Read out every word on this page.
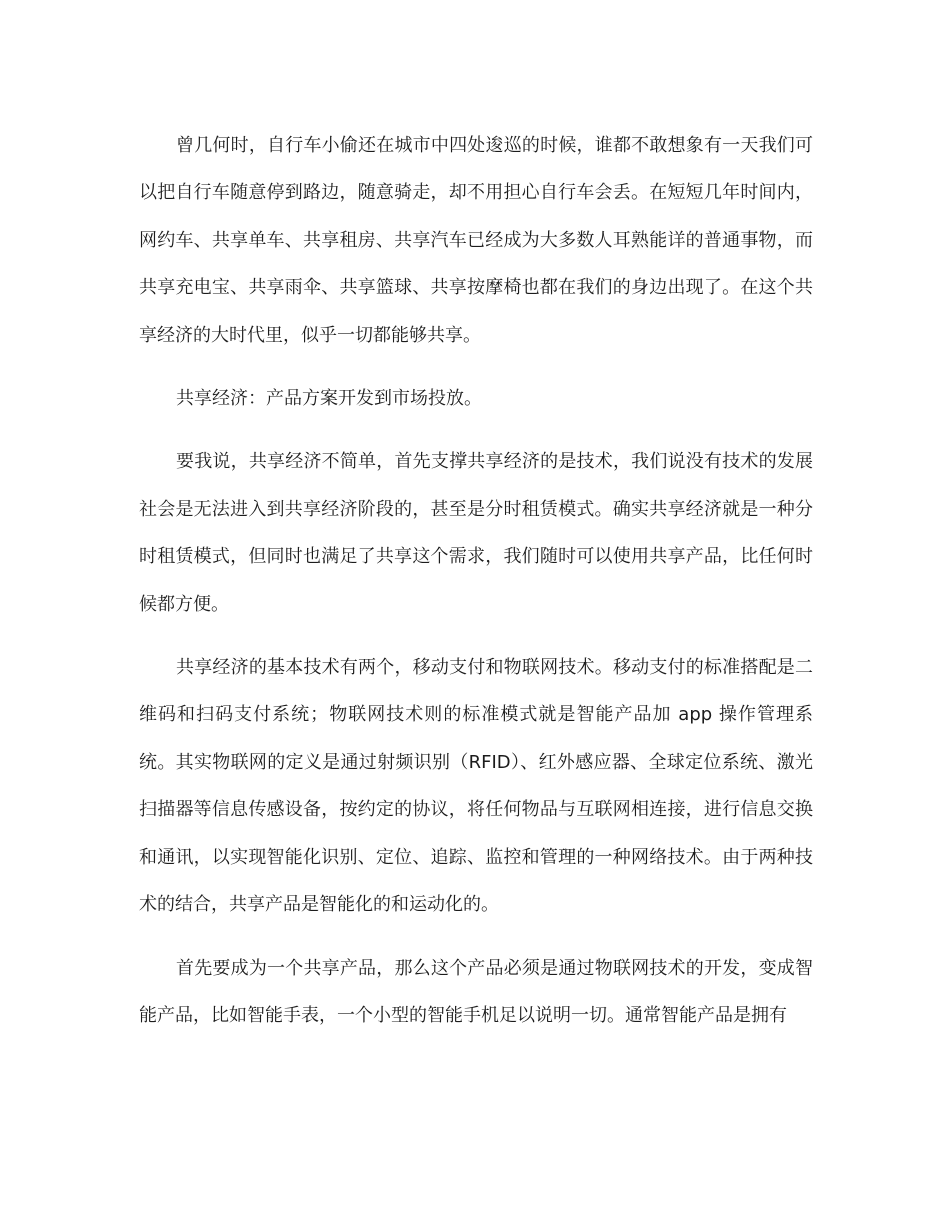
曾几何时，自行车小偷还在城市中四处逡巡的时候，谁都不敢想象有一天我们可以把自行车随意停到路边，随意骑走，却不用担心自行车会丢。在短短几年时间内，网约车、共享单车、共享租房、共享汽车已经成为大多数人耳熟能详的普通事物，而共享充电宝、共享雨伞、共享篮球、共享按摩椅也都在我们的身边出现了。在这个共享经济的大时代里，似乎一切都能够共享。

共享经济：产品方案开发到市场投放。

要我说，共享经济不简单，首先支撑共享经济的是技术，我们说没有技术的发展社会是无法进入到共享经济阶段的，甚至是分时租赁模式。确实共享经济就是一种分时租赁模式，但同时也满足了共享这个需求，我们随时可以使用共享产品，比任何时候都方便。

共享经济的基本技术有两个，移动支付和物联网技术。移动支付的标准搭配是二维码和扫码支付系统；物联网技术则的标准模式就是智能产品加 app 操作管理系统。其实物联网的定义是通过射频识别（RFID）、红外感应器、全球定位系统、激光扫描器等信息传感设备，按约定的协议，将任何物品与互联网相连接，进行信息交换和通讯，以实现智能化识别、定位、追踪、监控和管理的一种网络技术。由于两种技术的结合，共享产品是智能化的和运动化的。

首先要成为一个共享产品，那么这个产品必须是通过物联网技术的开发，变成智能产品，比如智能手表，一个小型的智能手机足以说明一切。通常智能产品是拥有
